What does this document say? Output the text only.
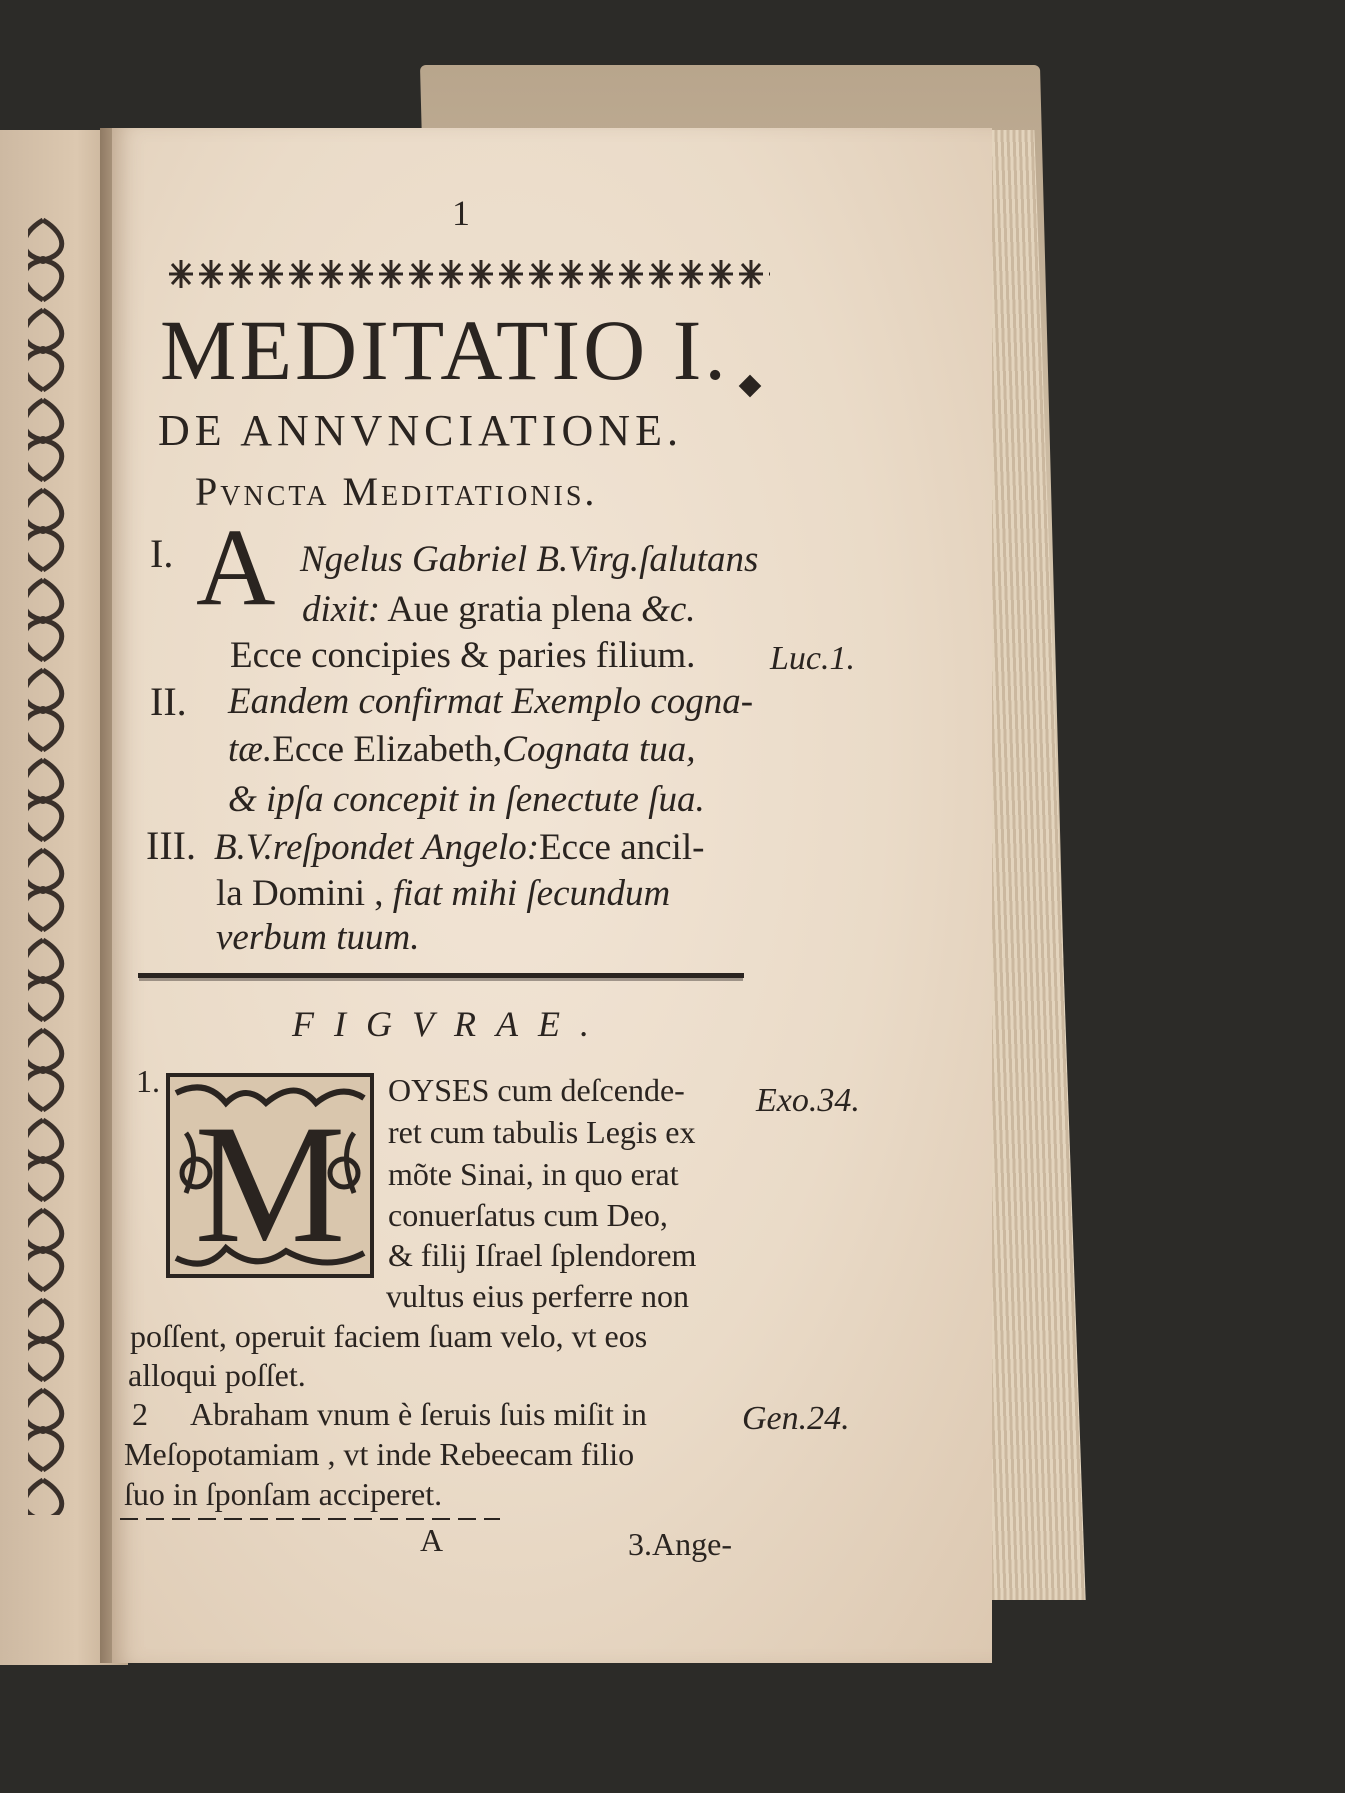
1
MEDITATIO I.
DE ANNVNCIATIONE.
Pvncta Meditationis.
I. A Ngelus Gabriel B.Virg.ſalutans
dixit: Aue gratia plena &c.
Ecce concipies & paries filium. Luc.1.
II. Eandem confirmat Exemplo cogna-
tæ.Ecce Elizabeth,Cognata tua,
& ipſa concepit in ſenectute ſua.
III. B.V.reſpondet Angelo:Ecce ancil-
la Domini , fiat mihi ſecundum
verbum tuum.
FIGVRAE.
1.
M OYSES cum deſcende-
ret cum tabulis Legis ex
mõte Sinai, in quo erat
conuerſatus cum Deo,
& filij Iſrael ſplendorem
vultus eius perferre non
poſſent, operuit faciem ſuam velo, vt eos
alloqui poſſet.
Exo.34.
2 Abraham vnum è ſeruis ſuis miſit in
Meſopotamiam , vt inde Rebeecam filio
ſuo in ſponſam acciperet.
Gen.24.
A	3.Ange-
